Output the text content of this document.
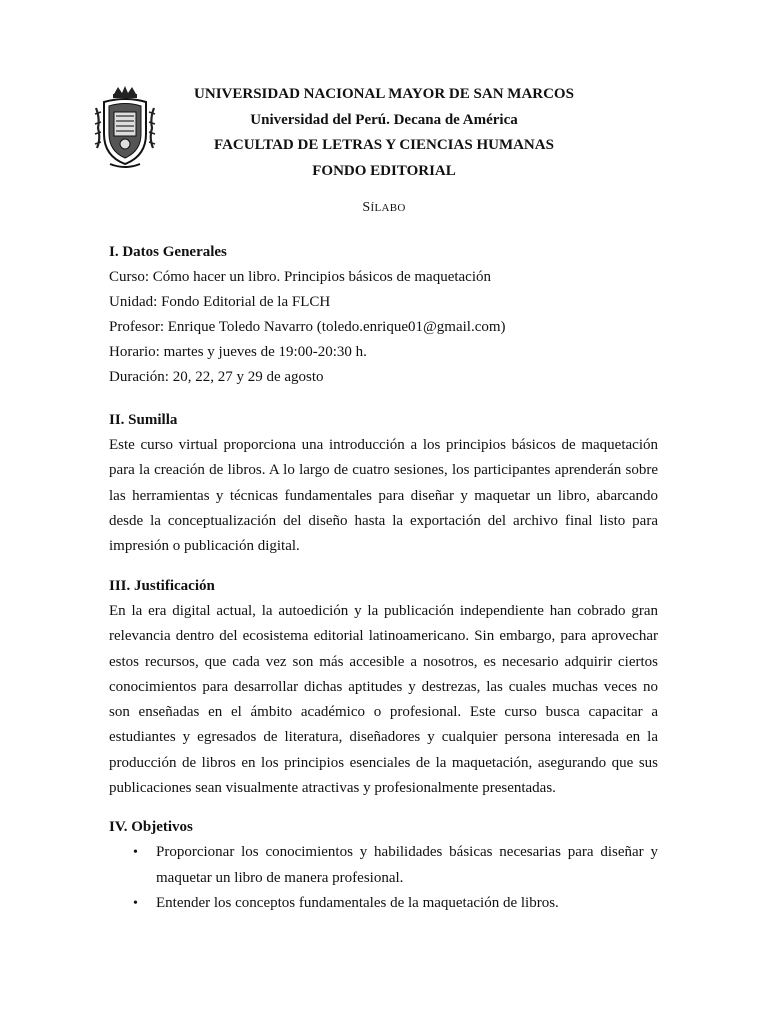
UNIVERSIDAD NACIONAL MAYOR DE SAN MARCOS
Universidad del Perú. Decana de América
FACULTAD DE LETRAS Y CIENCIAS HUMANAS
FONDO EDITORIAL
SÍLABO

I. Datos Generales

Curso: Cómo hacer un libro. Principios básicos de maquetación

Unidad: Fondo Editorial de la FLCH

Profesor: Enrique Toledo Navarro (toledo.enrique01@gmail.com)

Horario: martes y jueves de 19:00-20:30 h.

Duración: 20, 22, 27 y 29 de agosto

II. Sumilla

Este curso virtual proporciona una introducción a los principios básicos de maquetación para la creación de libros. A lo largo de cuatro sesiones, los participantes aprenderán sobre las herramientas y técnicas fundamentales para diseñar y maquetar un libro, abarcando desde la conceptualización del diseño hasta la exportación del archivo final listo para impresión o publicación digital.

III. Justificación

En la era digital actual, la autoedición y la publicación independiente han cobrado gran relevancia dentro del ecosistema editorial latinoamericano. Sin embargo, para aprovechar estos recursos, que cada vez son más accesible a nosotros, es necesario adquirir ciertos conocimientos para desarrollar dichas aptitudes y destrezas, las cuales muchas veces no son enseñadas en el ámbito académico o profesional. Este curso busca capacitar a estudiantes y egresados de literatura, diseñadores y cualquier persona interesada en la producción de libros en los principios esenciales de la maquetación, asegurando que sus publicaciones sean visualmente atractivas y profesionalmente presentadas.

IV. Objetivos

• Proporcionar los conocimientos y habilidades básicas necesarias para diseñar y maquetar un libro de manera profesional.
• Entender los conceptos fundamentales de la maquetación de libros.
